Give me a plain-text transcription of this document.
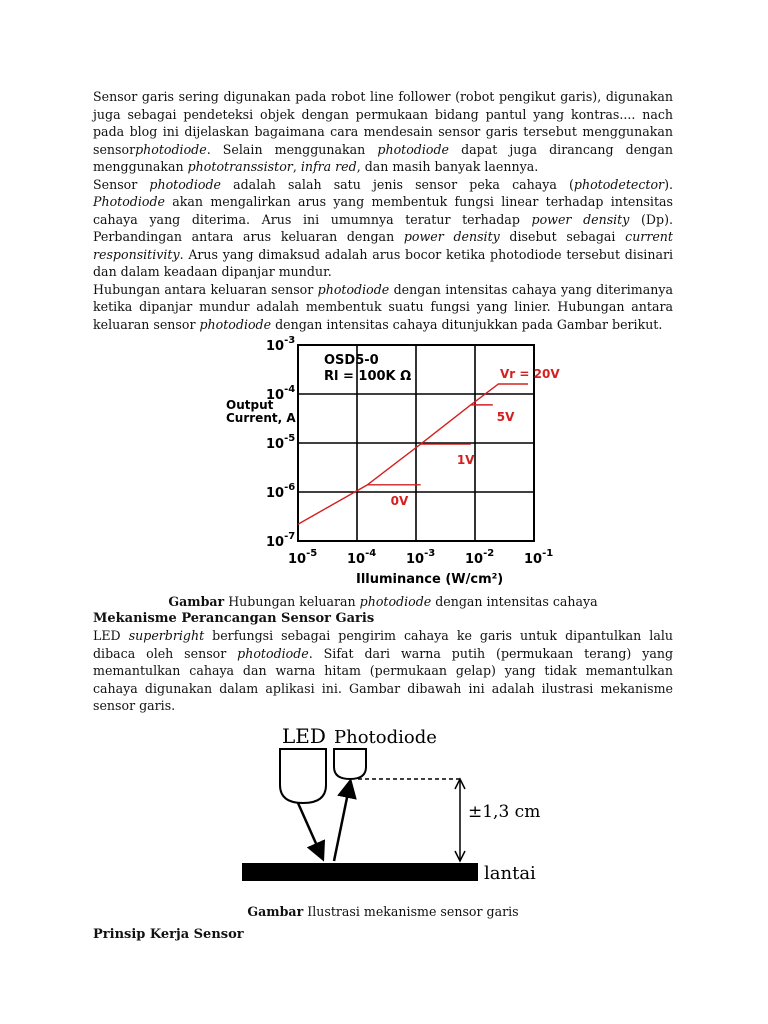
Sensor garis sering digunakan pada robot line follower (robot pengikut garis), digunakan juga sebagai pendeteksi objek dengan permukaan bidang pantul yang kontras.... nach pada blog ini dijelaskan bagaimana cara mendesain sensor garis tersebut menggunakan sensorphotodiode. Selain menggunakan photodiode dapat juga dirancang dengan menggunakan phototranssistor, infra red, dan masih banyak laennya.

Sensor photodiode adalah salah satu jenis sensor peka cahaya (photodetector). Photodiode akan mengalirkan arus yang membentuk fungsi linear terhadap intensitas cahaya yang diterima. Arus ini umumnya teratur terhadap power density (Dp). Perbandingan antara arus keluaran dengan power density disebut sebagai current responsitivity. Arus yang dimaksud adalah arus bocor ketika photodiode tersebut disinari dan dalam keadaan dipanjar mundur.

Hubungan antara keluaran sensor photodiode dengan intensitas cahaya yang diterimanya ketika dipanjar mundur adalah membentuk suatu fungsi yang linier. Hubungan antara keluaran sensor photodiode dengan intensitas cahaya ditunjukkan pada Gambar berikut.

$10^{-5}$ $10^{-4}$ $10^{-3}$ $10^{-2}$ $10^{-1}$
$10^{-3}$
$10^{-4}$
$10^{-5}$
$10^{-6}$
$10^{-7}$
0V
1V
5V
Vr = 20V
Output
Current, A
Illuminance (W/cm²)
OSD5-0
Rl = 100K Ω
Gambar Hubungan keluaran photodiode dengan intensitas cahaya
Mekanisme Perancangan Sensor Garis

LED superbright berfungsi sebagai pengirim cahaya ke garis untuk dipantulkan lalu dibaca oleh sensor photodiode. Sifat dari warna putih (permukaan terang) yang memantulkan cahaya dan warna hitam (permukaan gelap) yang tidak memantulkan cahaya digunakan dalam aplikasi ini. Gambar dibawah ini adalah ilustrasi mekanisme sensor garis.

LED Photodiode
±1,3 cm
lantai
Gambar Ilustrasi mekanisme sensor garis
Prinsip Kerja Sensor
